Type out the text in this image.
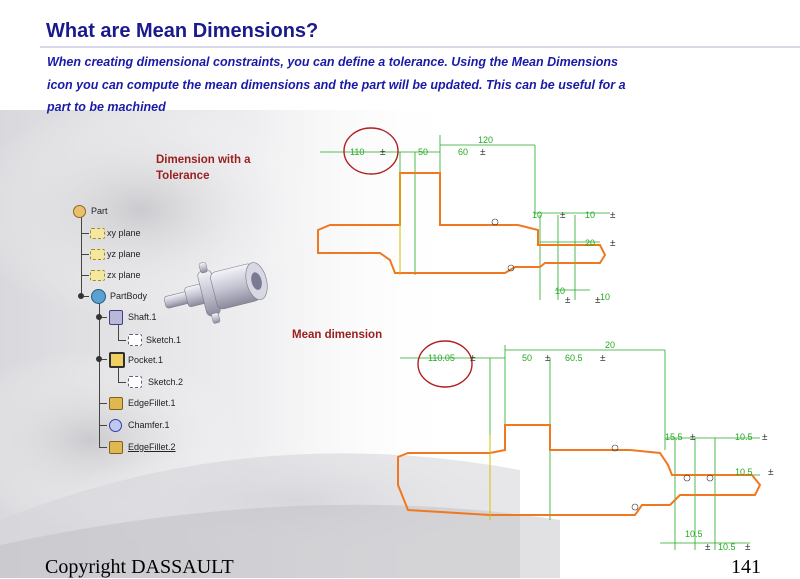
What are Mean Dimensions?

When creating dimensional constraints, you can define a tolerance. Using the Mean Dimensions icon you can compute the mean dimensions and the part will be updated. This can be useful for a part to be machined

Part
xy plane
yz plane
zx plane
PartBody
Shaft.1
Sketch.1
Pocket.1
Sketch.2
EdgeFillet.1
Chamfer.1
EdgeFillet.2
Dimension with a Tolerance
Mean dimension
110	50	60
120
10	10
20
10
10
±	±
±	±
±
± ±
110.05	50	60.5
20
15.5	10.5
10.5
10.5
10.5
±	±	±
±	±
±
±	±
Copyright DASSAULT	141
